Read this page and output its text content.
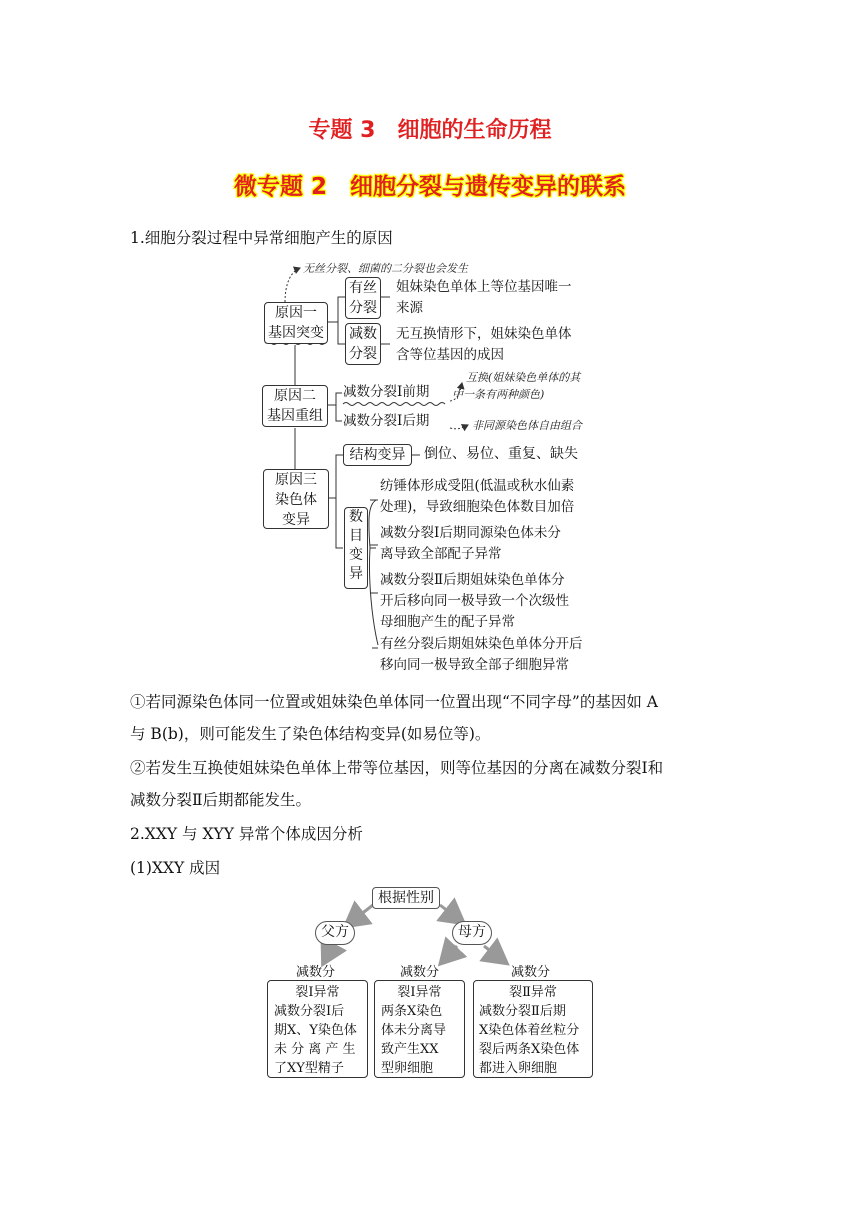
专题 3　细胞的生命历程
微专题 2　细胞分裂与遗传变异的联系
1.细胞分裂过程中异常细胞产生的原因
无丝分裂、细菌的二分裂也会发生
原因一
基因突变
有丝
分裂
姐妹染色单体上等位基因唯一
来源
减数
分裂
无互换情形下，姐妹染色单体
含等位基因的成因
原因二
基因重组
减数分裂Ⅰ前期
互换(姐妹染色单体的其
中一条有两种颜色)
减数分裂Ⅰ后期	非同源染色体自由组合
原因三
染色体
变异
结构变异	倒位、易位、重复、缺失
数
目
变
异
纺锤体形成受阻(低温或秋水仙素
处理)，导致细胞染色体数目加倍
减数分裂Ⅰ后期同源染色体未分
离导致全部配子异常
减数分裂Ⅱ后期姐妹染色单体分
开后移向同一极导致一个次级性
母细胞产生的配子异常
有丝分裂后期姐妹染色单体分开后
移向同一极导致全部子细胞异常
①若同源染色体同一位置或姐妹染色单体同一位置出现“不同字母”的基因如 A
与 B(b)，则可能发生了染色体结构变异(如易位等)。
②若发生互换使姐妹染色单体上带等位基因，则等位基因的分离在减数分裂Ⅰ和
减数分裂Ⅱ后期都能发生。
2.XXY 与 XYY 异常个体成因分析
(1)XXY 成因
根据性别
父方	母方
减数分
裂Ⅰ异常
减数分裂Ⅰ后
期X、Y染色体
未 分 离 产 生
了XY型精子
减数分
裂Ⅰ异常
两条X染色
体未分离导
致产生XX
型卵细胞
减数分
裂Ⅱ异常
减数分裂Ⅱ后期
X染色体着丝粒分
裂后两条X染色体
都进入卵细胞
